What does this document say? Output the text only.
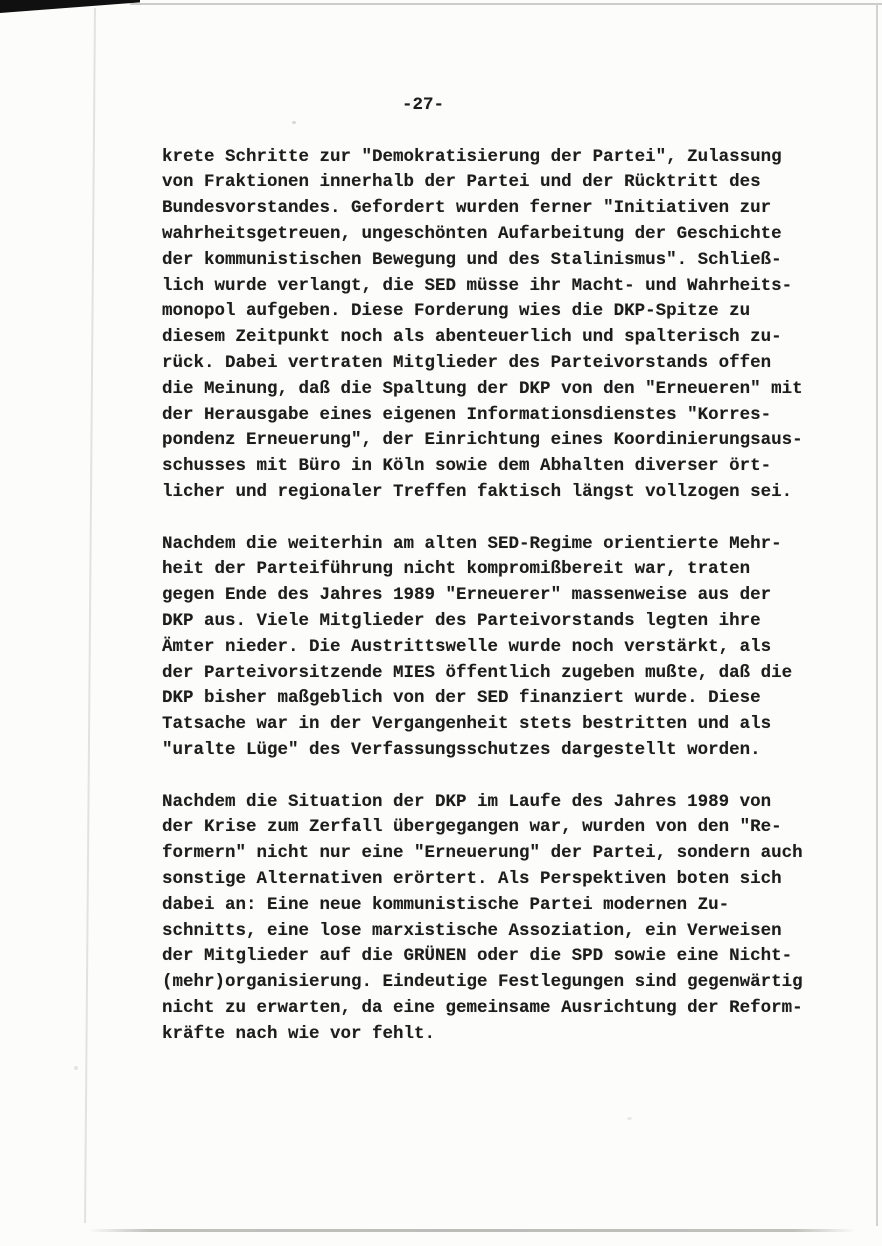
-27-
krete Schritte zur "Demokratisierung der Partei", Zulassung
von Fraktionen innerhalb der Partei und der Rücktritt des
Bundesvorstandes. Gefordert wurden ferner "Initiativen zur
wahrheitsgetreuen, ungeschönten Aufarbeitung der Geschichte
der kommunistischen Bewegung und des Stalinismus". Schließ-
lich wurde verlangt, die SED müsse ihr Macht- und Wahrheits-
monopol aufgeben. Diese Forderung wies die DKP-Spitze zu
diesem Zeitpunkt noch als abenteuerlich und spalterisch zu-
rück. Dabei vertraten Mitglieder des Parteivorstands offen
die Meinung, daß die Spaltung der DKP von den "Erneueren" mit
der Herausgabe eines eigenen Informationsdienstes "Korres-
pondenz Erneuerung", der Einrichtung eines Koordinierungsaus-
schusses mit Büro in Köln sowie dem Abhalten diverser ört-
licher und regionaler Treffen faktisch längst vollzogen sei.
Nachdem die weiterhin am alten SED-Regime orientierte Mehr-
heit der Parteiführung nicht kompromißbereit war, traten
gegen Ende des Jahres 1989 "Erneuerer" massenweise aus der
DKP aus. Viele Mitglieder des Parteivorstands legten ihre
Ämter nieder. Die Austrittswelle wurde noch verstärkt, als
der Parteivorsitzende MIES öffentlich zugeben mußte, daß die
DKP bisher maßgeblich von der SED finanziert wurde. Diese
Tatsache war in der Vergangenheit stets bestritten und als
"uralte Lüge" des Verfassungsschutzes dargestellt worden.
Nachdem die Situation der DKP im Laufe des Jahres 1989 von
der Krise zum Zerfall übergegangen war, wurden von den "Re-
formern" nicht nur eine "Erneuerung" der Partei, sondern auch
sonstige Alternativen erörtert. Als Perspektiven boten sich
dabei an: Eine neue kommunistische Partei modernen Zu-
schnitts, eine lose marxistische Assoziation, ein Verweisen
der Mitglieder auf die GRÜNEN oder die SPD sowie eine Nicht-
(mehr)organisierung. Eindeutige Festlegungen sind gegenwärtig
nicht zu erwarten, da eine gemeinsame Ausrichtung der Reform-
kräfte nach wie vor fehlt.
